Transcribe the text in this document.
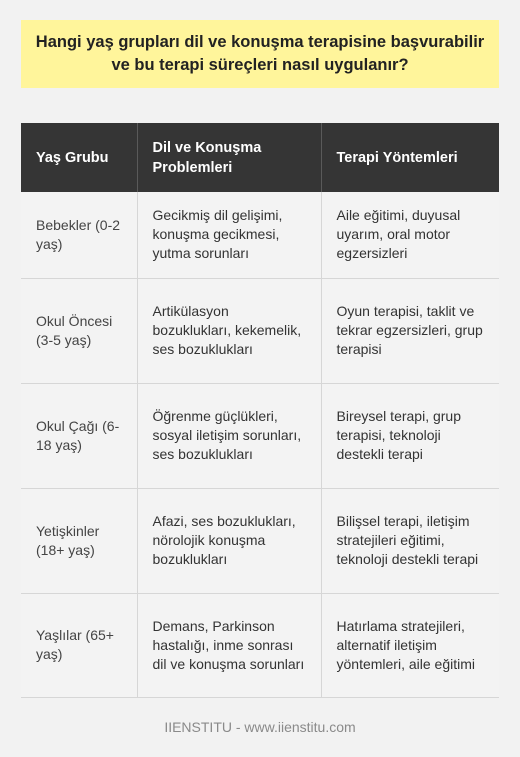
Hangi yaş grupları dil ve konuşma terapisine başvurabilir
ve bu terapi süreçleri nasıl uygulanır?
Yaş Grubu	Dil ve Konuşma Problemleri	Terapi Yöntemleri
Bebekler (0-2 yaş)	Gecikmiş dil gelişimi, konuşma gecikmesi, yutma sorunları	Aile eğitimi, duyusal uyarım, oral motor egzersizleri
Okul Öncesi (3-5 yaş)	Artikülasyon bozuklukları, kekemelik, ses bozuklukları	Oyun terapisi, taklit ve tekrar egzersizleri, grup terapisi
Okul Çağı (6-18 yaş)	Öğrenme güçlükleri, sosyal iletişim sorunları, ses bozuklukları	Bireysel terapi, grup terapisi, teknoloji destekli terapi
Yetişkinler (18+ yaş)	Afazi, ses bozuklukları, nörolojik konuşma bozuklukları	Bilişsel terapi, iletişim stratejileri eğitimi, teknoloji destekli terapi
Yaşlılar (65+ yaş)	Demans, Parkinson hastalığı, inme sonrası dil ve konuşma sorunları	Hatırlama stratejileri, alternatif iletişim yöntemleri, aile eğitimi
IIENSTITU - www.iienstitu.com
